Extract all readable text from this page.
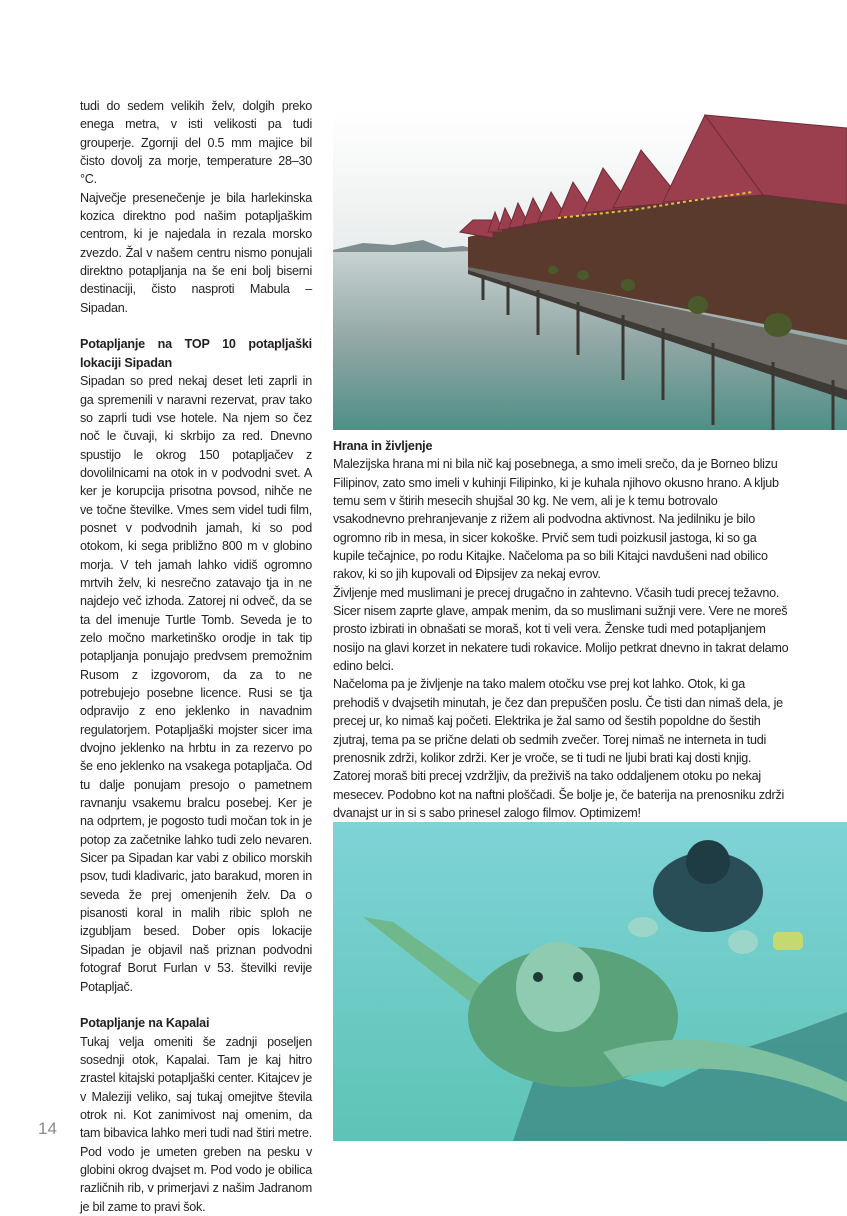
tudi do sedem velikih želv, dolgih preko enega metra, v isti velikosti pa tudi grouperje. Zgornji del 0.5 mm majice bil čisto dovolj za morje, temperature 28–30 °C.

Največje presenečenje je bila harlekinska kozica direktno pod našim potapljaškim centrom, ki je najedala in rezala morsko zvezdo. Žal v našem centru nismo ponujali direktno potapljanja na še eni bolj biserni destinaciji, čisto nasproti Mabula – Sipadan.

Potapljanje na TOP 10 potapljaški lokaciji Sipadan

Sipadan so pred nekaj deset leti zaprli in ga spremenili v naravni rezervat, prav tako so zaprli tudi vse hotele. Na njem so čez noč le čuvaji, ki skrbijo za red. Dnevno spustijo le okrog 150 potapljačev z dovolilnicami na otok in v podvodni svet. A ker je korupcija prisotna povsod, nihče ne ve točne številke. Vmes sem videl tudi film, posnet v podvodnih jamah, ki so pod otokom, ki sega približno 800 m v globino morja. V teh jamah lahko vidiš ogromno mrtvih želv, ki nesrečno zatavajo tja in ne najdejo več izhoda. Zatorej ni odveč, da se ta del imenuje Turtle Tomb. Seveda je to zelo močno marketinško orodje in tak tip potapljanja ponujajo predvsem premožnim Rusom z izgovorom, da za to ne potrebujejo posebne licence. Rusi se tja odpravijo z eno jeklenko in navadnim regulatorjem. Potapljaški mojster sicer ima dvojno jeklenko na hrbtu in za rezervo po še eno jeklenko na vsakega potapljača. Od tu dalje ponujam presojo o pametnem ravnanju vsakemu bralcu posebej. Ker je na odprtem, je pogosto tudi močan tok in je potop za začetnike lahko tudi zelo nevaren. Sicer pa Sipadan kar vabi z obilico morskih psov, tudi kladivaric, jato barakud, moren in seveda že prej omenjenih želv. Da o pisanosti koral in malih ribic sploh ne izgubljam besed. Dober opis lokacije Sipadan je objavil naš priznan podvodni fotograf Borut Furlan v 53. številki revije Potapljač.

Potapljanje na Kapalai

Tukaj velja omeniti še zadnji poseljen sosednji otok, Kapalai. Tam je kaj hitro zrastel kitajski potapljaški center. Kitajcev je v Maleziji veliko, saj tukaj omejitve števila otrok ni. Kot zanimivost naj omenim, da tam bibavica lahko meri tudi nad štiri metre. Pod vodo je umeten greben na pesku v globini okrog dvajset m. Pod vodo je obilica različnih rib, v primerjavi z našim Jadranom je bil zame to pravi šok.

14
Hrana in življenje

Malezijska hrana mi ni bila nič kaj posebnega, a smo imeli srečo, da je Borneo blizu Filipinov, zato smo imeli v kuhinji Filipinko, ki je kuhala njihovo okusno hrano. A kljub temu sem v štirih mesecih shujšal 30 kg. Ne vem, ali je k temu botrovalo vsakodnevno prehranjevanje z rižem ali podvodna aktivnost. Na jedilniku je bilo ogromno rib in mesa, in sicer kokoške. Prvič sem tudi poizkusil jastoga, ki so ga kupile tečajnice, po rodu Kitajke. Načeloma pa so bili Kitajci navdušeni nad obilico rakov, ki so jih kupovali od Đipsijev za nekaj evrov.

Življenje med muslimani je precej drugačno in zahtevno. Včasih tudi precej težavno. Sicer nisem zaprte glave, ampak menim, da so muslimani sužnji vere. Vere ne moreš prosto izbirati in obnašati se moraš, kot ti veli vera. Ženske tudi med potapljanjem nosijo na glavi korzet in nekatere tudi rokavice. Molijo petkrat dnevno in takrat delamo edino belci.

Načeloma pa je življenje na tako malem otočku vse prej kot lahko. Otok, ki ga prehodiš v dvajsetih minutah, je čez dan prepuščen poslu. Če tisti dan nimaš dela, je precej ur, ko nimaš kaj početi. Elektrika je žal samo od šestih popoldne do šestih zjutraj, tema pa se prične delati ob sedmih zvečer. Torej nimaš ne interneta in tudi prenosnik zdrži, kolikor zdrži. Ker je vroče, se ti tudi ne ljubi brati kaj dosti knjig. Zatorej moraš biti precej vzdržljiv, da preživiš na tako oddaljenem otoku po nekaj mesecev. Podobno kot na naftni ploščadi. Še bolje je, če baterija na prenosniku zdrži dvanajst ur in si s sabo prinesel zalogo filmov. Optimizem!
